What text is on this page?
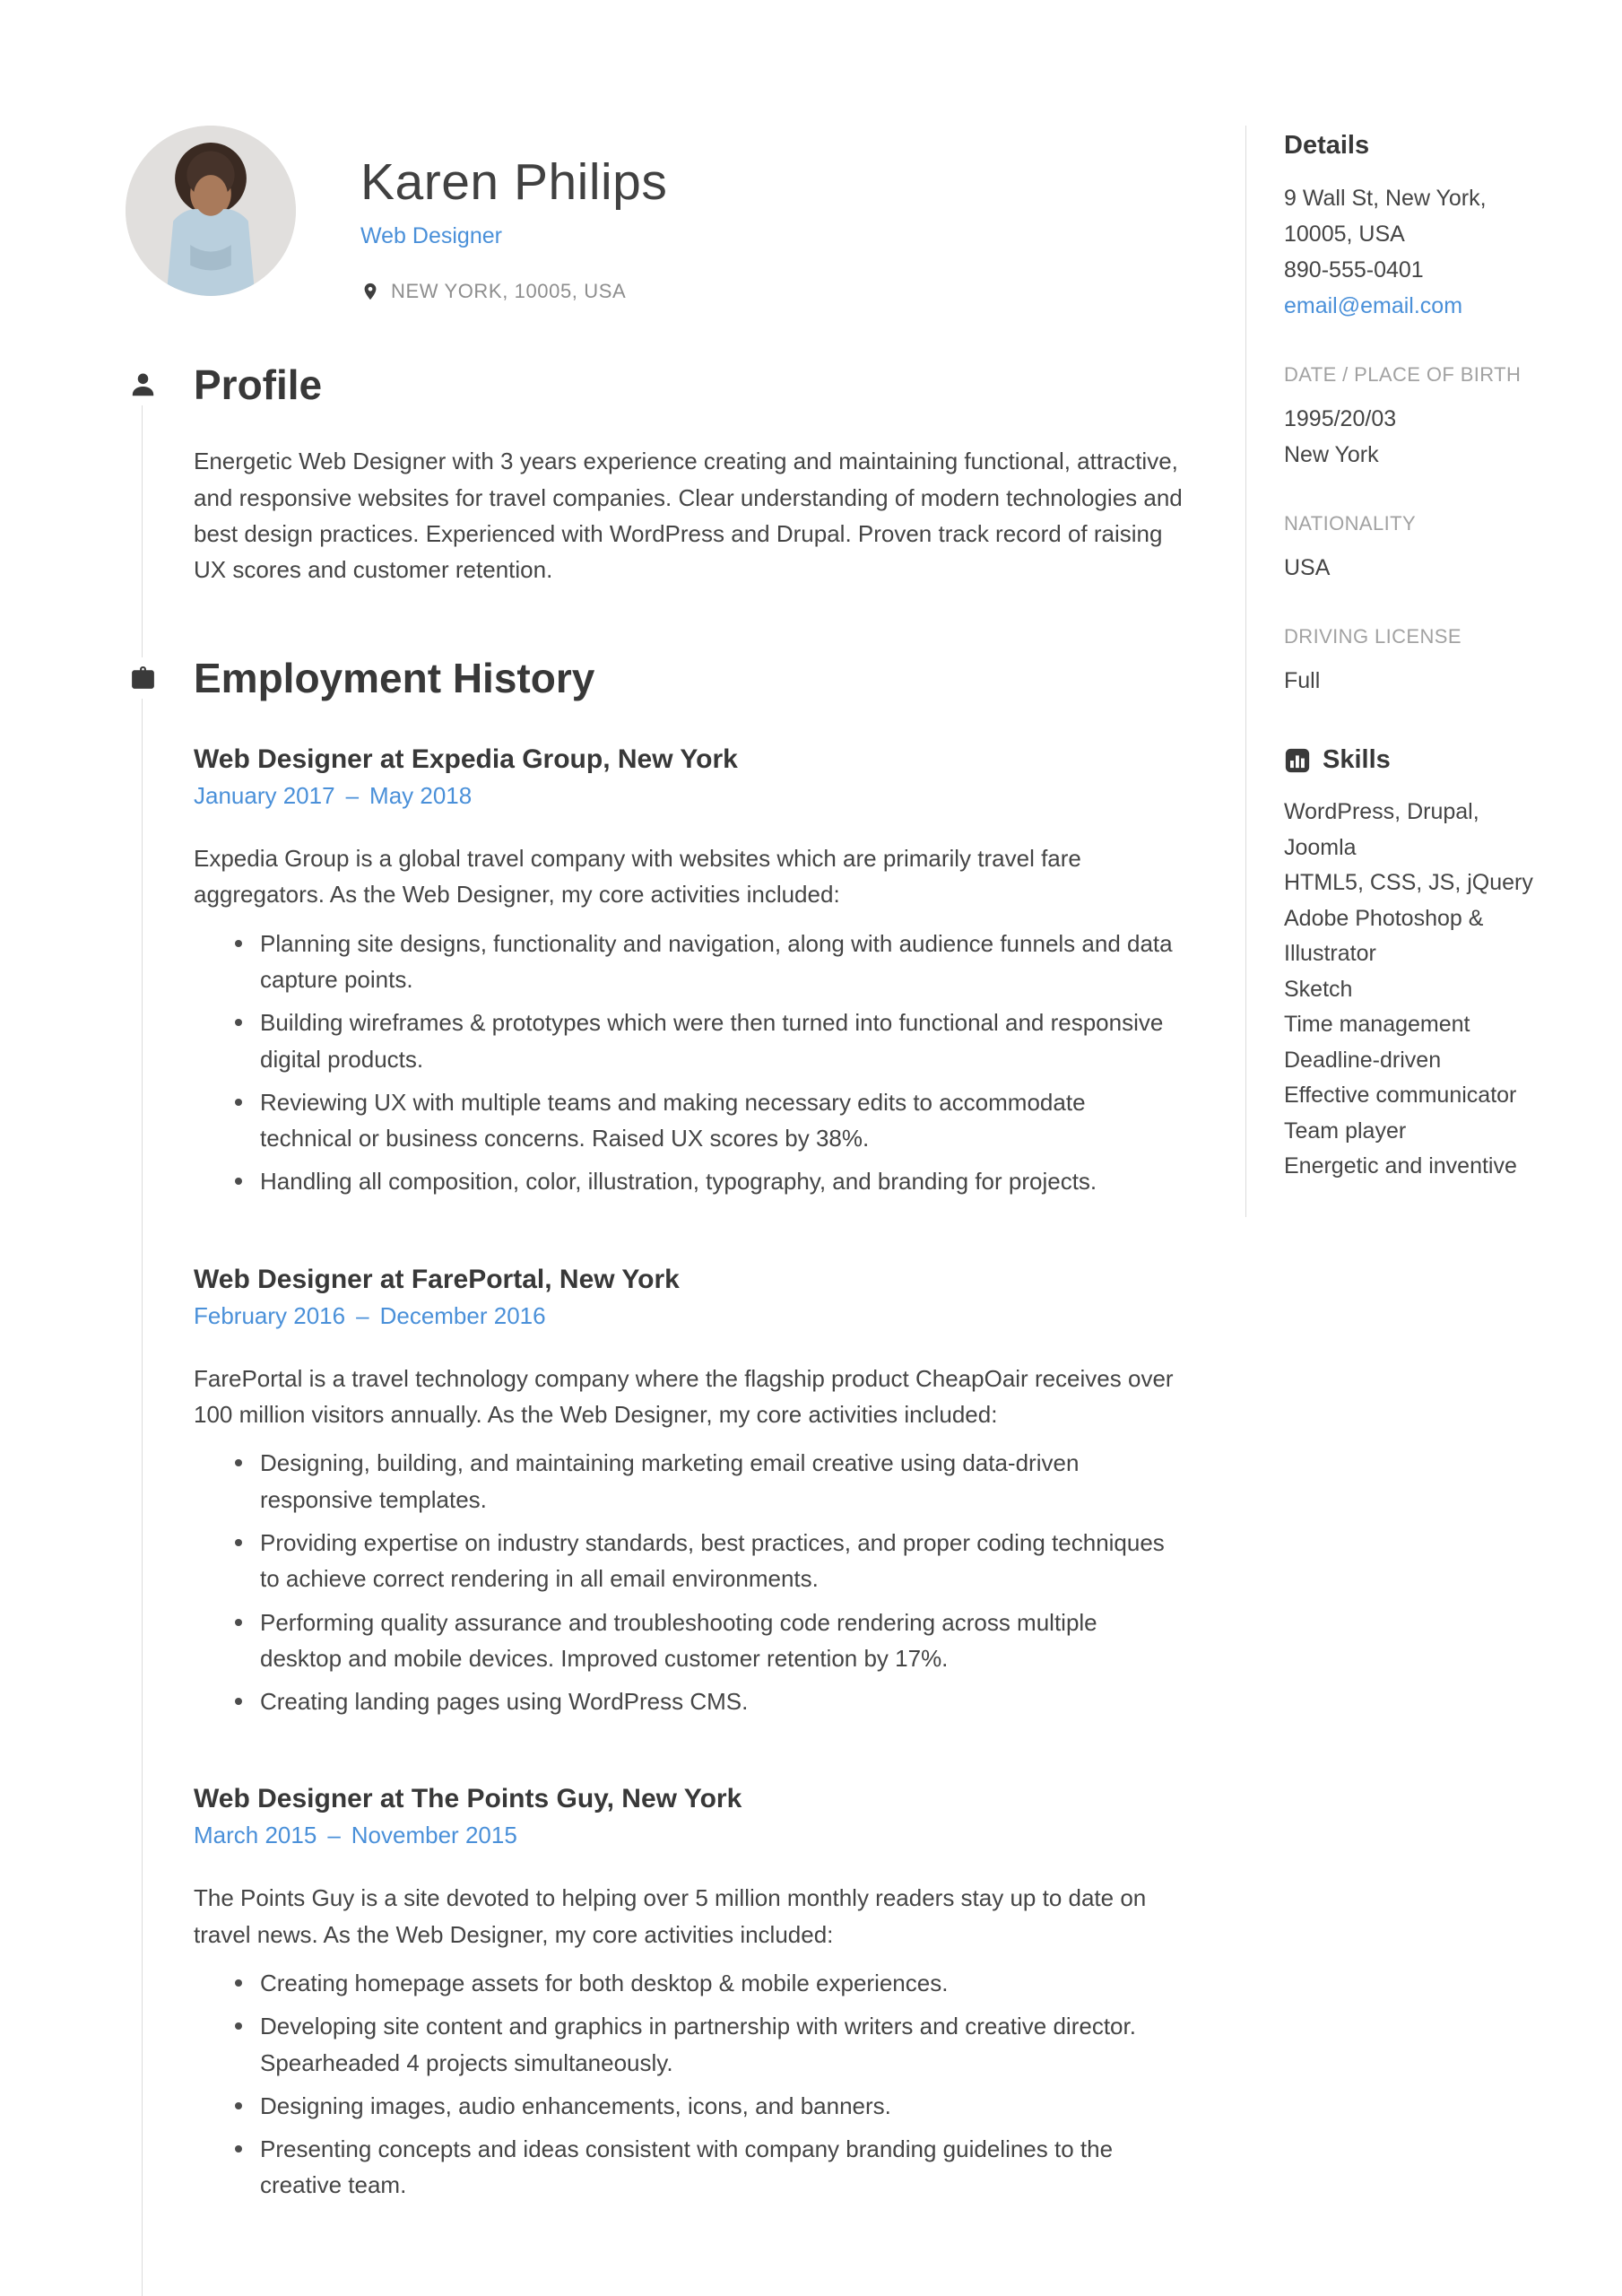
Karen Philips
Web Designer
NEW YORK, 10005, USA
Profile

Energetic Web Designer with 3 years experience creating and maintaining functional, attractive, and responsive websites for travel companies. Clear understanding of modern technologies and best design practices. Experienced with WordPress and Drupal. Proven track record of raising UX scores and customer retention.

Employment History
Web Designer at Expedia Group, New York
January 2017 – May 2018

Expedia Group is a global travel company with websites which are primarily travel fare aggregators. As the Web Designer, my core activities included:

Planning site designs, functionality and navigation, along with audience funnels and data capture points.
Building wireframes & prototypes which were then turned into functional and responsive digital products.
Reviewing UX with multiple teams and making necessary edits to accommodate technical or business concerns. Raised UX scores by 38%.
Handling all composition, color, illustration, typography, and branding for projects.
Web Designer at FarePortal, New York
February 2016 – December 2016

FarePortal is a travel technology company where the flagship product CheapOair receives over 100 million visitors annually. As the Web Designer, my core activities included:

Designing, building, and maintaining marketing email creative using data-driven responsive templates.
Providing expertise on industry standards, best practices, and proper coding techniques to achieve correct rendering in all email environments.
Performing quality assurance and troubleshooting code rendering across multiple desktop and mobile devices. Improved customer retention by 17%.
Creating landing pages using WordPress CMS.
Web Designer at The Points Guy, New York
March 2015 – November 2015

The Points Guy is a site devoted to helping over 5 million monthly readers stay up to date on travel news. As the Web Designer, my core activities included:

Creating homepage assets for both desktop & mobile experiences.
Developing site content and graphics in partnership with writers and creative director. Spearheaded 4 projects simultaneously.
Designing images, audio enhancements, icons, and banners.
Presenting concepts and ideas consistent with company branding guidelines to the creative team.
Details
9 Wall St, New York,
10005, USA
890-555-0401
email@email.com
DATE / PLACE OF BIRTH
1995/20/03
New York
NATIONALITY
USA
DRIVING LICENSE
Full
Skills
WordPress, Drupal, Joomla
HTML5, CSS, JS, jQuery
Adobe Photoshop & Illustrator
Sketch
Time management
Deadline-driven
Effective communicator
Team player
Energetic and inventive
